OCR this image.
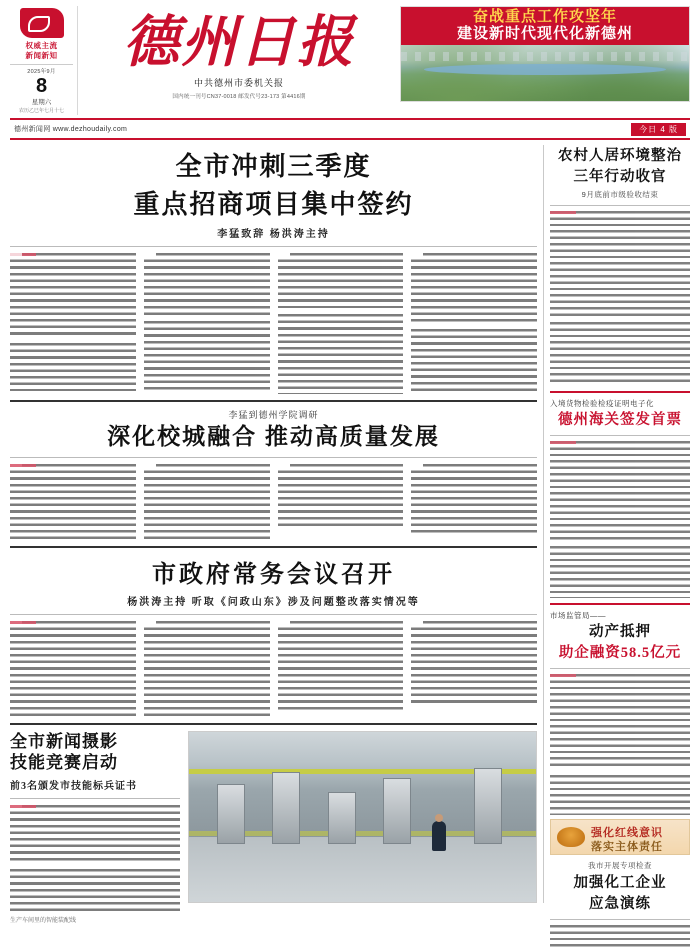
权威主流
新闻新知
2025年9月
8
星期六
农历乙巳年七月十七
德州日报
中共德州市委机关报
国内统一刊号CN37-0018 邮发代号23-173 第4416期
奋战重点工作攻坚年
建设新时代现代化新德州
德州新闻网 www.dezhoudaily.com	今日 4 版
全市冲刺三季度
重点招商项目集中签约
李猛致辞 杨洪涛主持
李猛到德州学院调研
深化校城融合 推动高质量发展
市政府常务会议召开
杨洪涛主持 听取《问政山东》涉及问题整改落实情况等
全市新闻摄影
技能竞赛启动
前3名颁发市技能标兵证书
生产车间里的智能装配线
农村人居环境整治
三年行动收官
9月底前市级验收结束
入境货物检验检疫证明电子化
德州海关签发首票
市场监管局——
动产抵押
助企融资58.5亿元
强化红线意识
落实主体责任
我市开展专项检查
加强化工企业
应急演练
